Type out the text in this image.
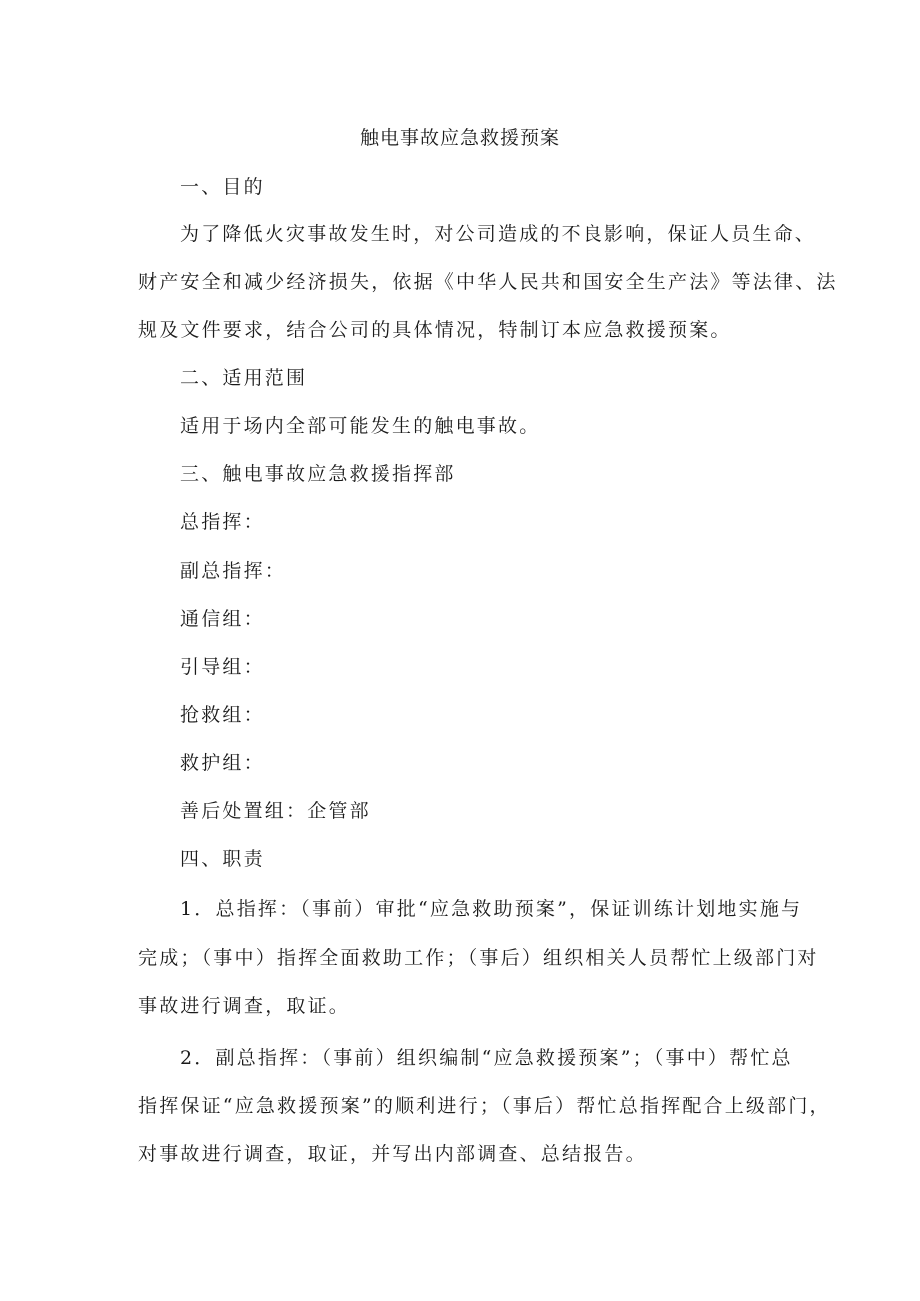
触电事故应急救援预案
一、目的
为了降低火灾事故发生时，对公司造成的不良影响，保证人员生命、
财产安全和减少经济损失，依据《中华人民共和国安全生产法》等法律、法
规及文件要求，结合公司的具体情况，特制订本应急救援预案。
二、适用范围
适用于场内全部可能发生的触电事故。
三、触电事故应急救援指挥部
总指挥：
副总指挥：
通信组：
引导组：
抢救组：
救护组：
善后处置组：企管部
四、职责
1．总指挥：（事前）审批“应急救助预案”，保证训练计划地实施与
完成；（事中）指挥全面救助工作；（事后）组织相关人员帮忙上级部门对
事故进行调查，取证。
2．副总指挥：（事前）组织编制“应急救援预案”；（事中）帮忙总
指挥保证“应急救援预案”的顺利进行；（事后）帮忙总指挥配合上级部门，
对事故进行调查，取证，并写出内部调查、总结报告。
